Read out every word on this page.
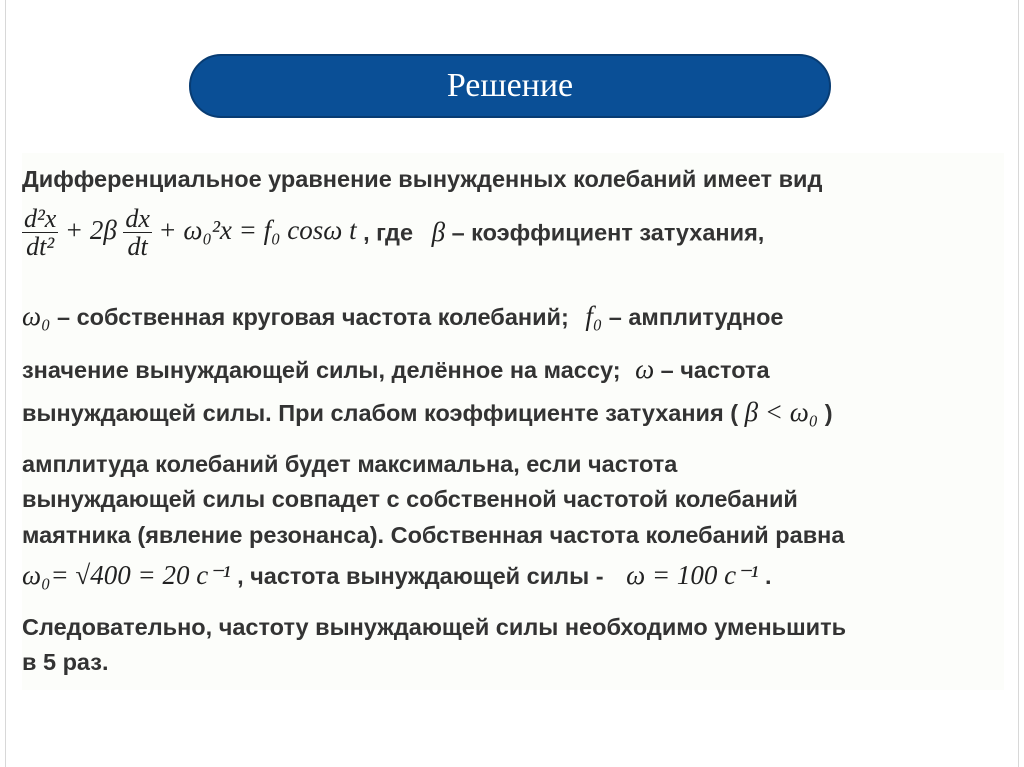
Решение
Дифференциальное уравнение вынужденных колебаний имеет вид
$\frac{\text{d²x}}{\text{dt²}} + 2\beta \frac{dx}{dt} + \omega_0^2x = f_0$ cosω t , где β – коэффициент затухания,
ω₀ – собственная круговая частота колебаний; f₀ – амплитудное
значение вынуждающей силы, делённое на массу; ω – частота
вынуждающей силы. При слабом коэффициенте затухания ( β < ω₀ )
амплитуда колебаний будет максимальна, если частота
вынуждающей силы совпадет с собственной частотой колебаний
маятника (явление резонанса). Собственная частота колебаний равна
ω₀= √400 = 20 c⁻¹ , частота вынуждающей силы - ω = 100 c⁻¹ .
Следовательно, частоту вынуждающей силы необходимо уменьшить
в 5 раз.
